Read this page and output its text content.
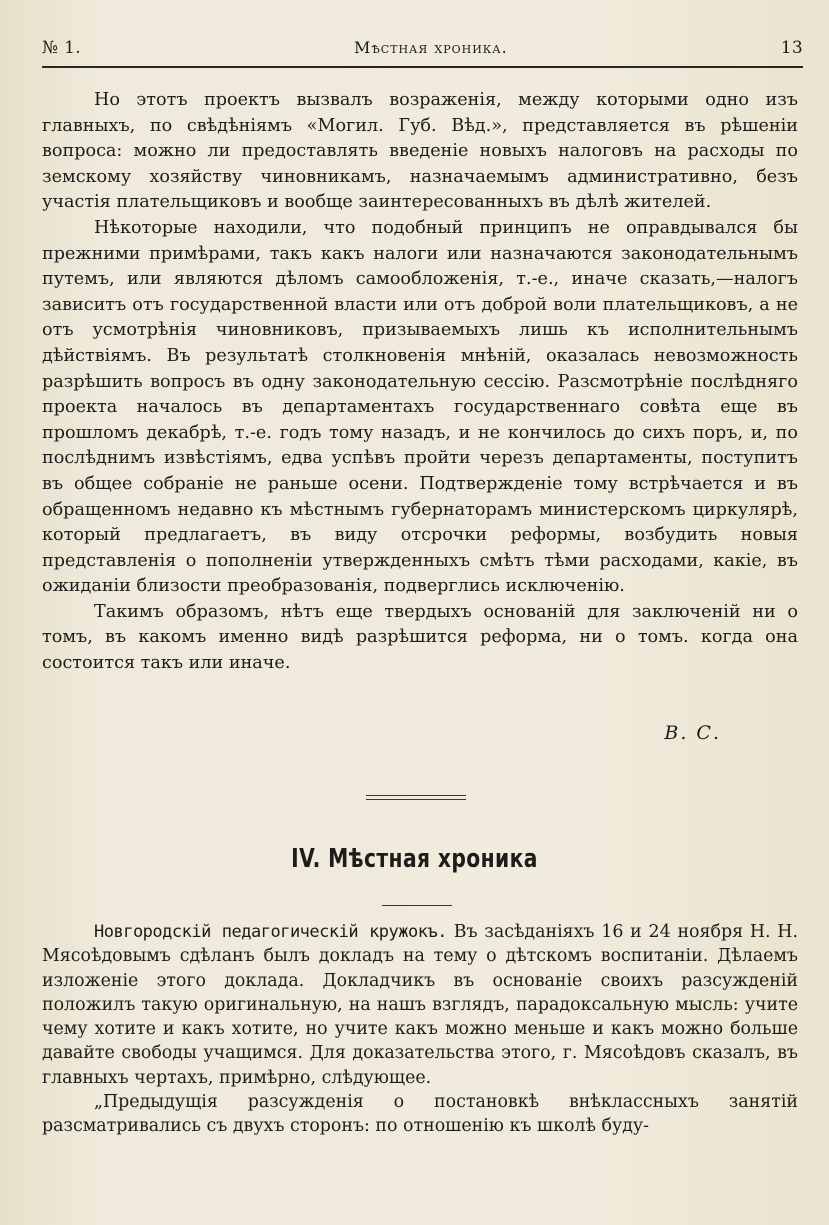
№ 1.	Мѣстная хроника.	13

Но этотъ проектъ вызвалъ возраженія, между которыми одно изъ главныхъ, по свѣдѣніямъ «Могил. Губ. Вѣд.», представляется въ рѣшеніи вопроса: можно ли предоставлять введеніе новыхъ налоговъ на расходы по земскому хозяйству чиновникамъ, назначаемымъ административно, безъ участія плательщиковъ и вообще заинтересованныхъ въ дѣлѣ жителей.

Нѣкоторые находили, что подобный принципъ не оправдывался бы прежними примѣрами, такъ какъ налоги или назначаются законодательнымъ путемъ, или являются дѣломъ самообложенія, т.-е., иначе сказать,—налогъ зависитъ отъ государственной власти или отъ доброй воли плательщиковъ, а не отъ усмотрѣнія чиновниковъ, призываемыхъ лишь къ исполнительнымъ дѣйствіямъ. Въ результатѣ столкновенія мнѣній, оказалась невозможность разрѣшить вопросъ въ одну законодательную сессію. Разсмотрѣніе послѣдняго проекта началось въ департаментахъ государственнаго совѣта еще въ прошломъ декабрѣ, т.-е. годъ тому назадъ, и не кончилось до сихъ поръ, и, по послѣднимъ извѣстіямъ, едва успѣвъ пройти черезъ департаменты, поступитъ въ общее собраніе не раньше осени. Подтвержденіе тому встрѣчается и въ обращенномъ недавно къ мѣстнымъ губернаторамъ министерскомъ циркулярѣ, который предлагаетъ, въ виду отсрочки реформы, возбудить новыя представленія о пополненіи утвержденныхъ смѣтъ тѣми расходами, какіе, въ ожиданіи близости преобразованія, подверглись исключенію.

Такимъ образомъ, нѣтъ еще твердыхъ основаній для заключеній ни о томъ, въ какомъ именно видѣ разрѣшится реформа, ни о томъ. когда она состоится такъ или иначе.

В. С.
IV. Мѣстная хроника

Новгородскій педагогическій кружокъ. Въ засѣданіяхъ 16 и 24 ноября Н. Н. Мясоѣдовымъ сдѣланъ былъ докладъ на тему о дѣтскомъ воспитаніи. Дѣлаемъ изложеніе этого доклада. Докладчикъ въ основаніе своихъ разсужденій положилъ такую оригинальную, на нашъ взглядъ, парадоксальную мысль: учите чему хотите и какъ хотите, но учите какъ можно меньше и какъ можно больше давайте свободы учащимся. Для доказательства этого, г. Мясоѣдовъ сказалъ, въ главныхъ чертахъ, примѣрно, слѣдующее.

„Предыдущія разсужденія о постановкѣ внѣклассныхъ занятій разсматривались съ двухъ сторонъ: по отношенію къ школѣ буду-
